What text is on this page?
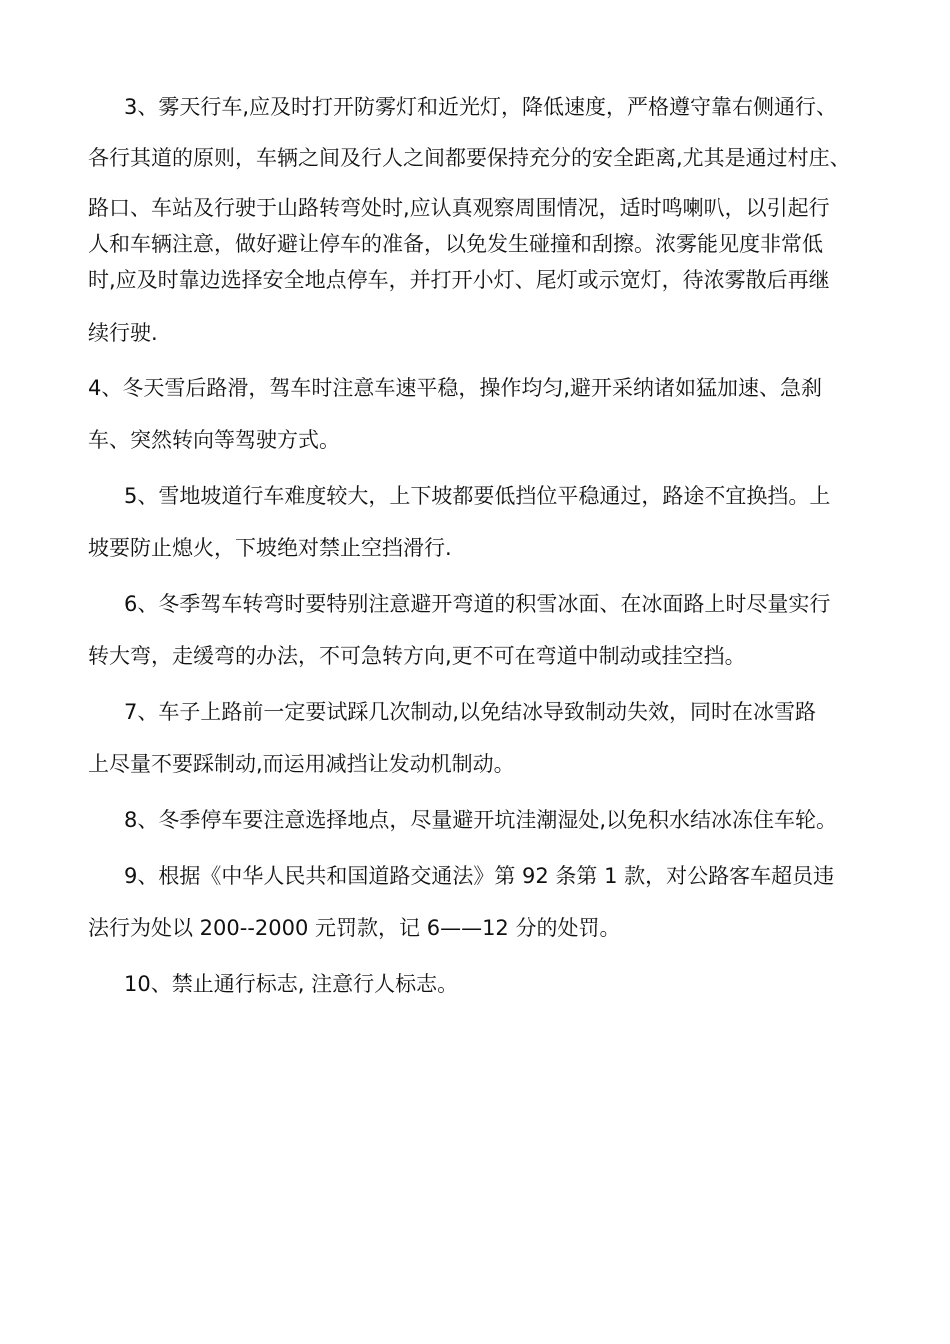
3、雾天行车,应及时打开防雾灯和近光灯，降低速度，严格遵守靠右侧通行、
各行其道的原则，车辆之间及行人之间都要保持充分的安全距离,尤其是通过村庄、
路口、车站及行驶于山路转弯处时,应认真观察周围情况，适时鸣喇叭，以引起行
人和车辆注意，做好避让停车的准备，以免发生碰撞和刮擦。浓雾能见度非常低
时,应及时靠边选择安全地点停车，并打开小灯、尾灯或示宽灯，待浓雾散后再继
续行驶.
4、冬天雪后路滑，驾车时注意车速平稳，操作均匀,避开采纳诸如猛加速、急刹
车、突然转向等驾驶方式。
5、雪地坡道行车难度较大，上下坡都要低挡位平稳通过，路途不宜换挡。上
坡要防止熄火，下坡绝对禁止空挡滑行.
6、冬季驾车转弯时要特别注意避开弯道的积雪冰面、在冰面路上时尽量实行
转大弯，走缓弯的办法，不可急转方向,更不可在弯道中制动或挂空挡。
7、车子上路前一定要试踩几次制动,以免结冰导致制动失效，同时在冰雪路
上尽量不要踩制动,而运用减挡让发动机制动。
8、冬季停车要注意选择地点，尽量避开坑洼潮湿处,以免积水结冰冻住车轮。
9、根据《中华人民共和国道路交通法》第 92 条第 1 款，对公路客车超员违
法行为处以 200--2000 元罚款，记 6——12 分的处罚。
10、禁止通行标志, 注意行人标志。
